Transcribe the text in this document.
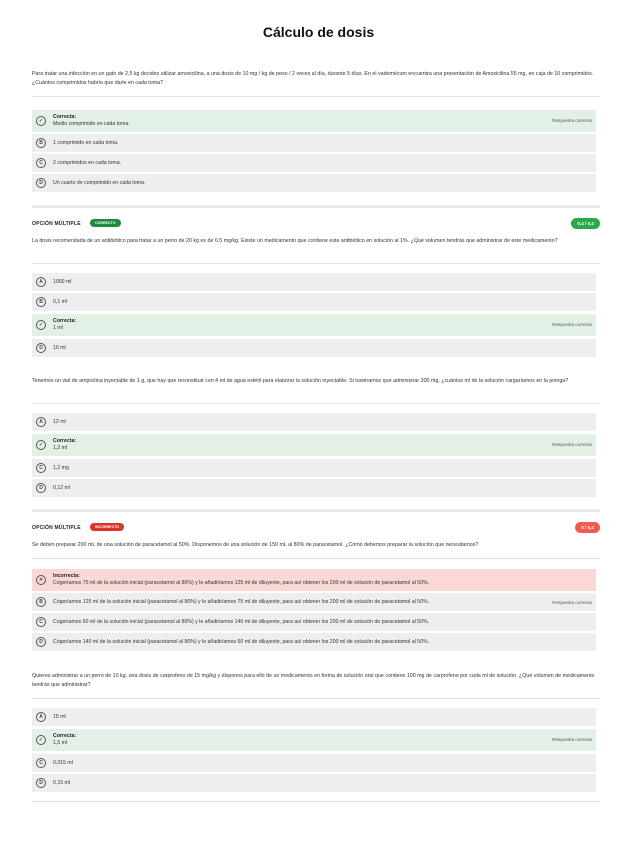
Cálculo de dosis

Para tratar una infección en un gato de 2,5 kg decides utilizar amoxicilina, a una dosis de 10 mg / kg de peso / 2 veces al día, durante 5 días. En el vademécum encuentra una presentación de Amoxicilina 55 mg, en caja de 10 comprimidos. ¿Cuántos comprimidos habría que darle en cada toma?

✓
Correcta:
Medio comprimido en cada toma.
Respuesta correcta
B	1 comprimido en cada toma.
C	2 comprimidos en cada toma.
D	Un cuarto de comprimido en cada toma.
OPCIÓN MÚLTIPLE	CORRECTO	0,4 / 0,4

La dosis recomendada de un antibiótico para tratar a un perro de 20 kg es de 0.5 mg/kg. Existe un medicamento que contiene este antibiótico en solución al 1%. ¿Qué volumen tendrás que administrar de este medicamento?

A	1000 ml
B	0,1 ml
✓
Correcta:
1 ml
Respuesta correcta
D	10 ml

Tenemos un vial de ampicilina inyectable de 1 g, que hay que reconstituir con 4 ml de agua estéril para elaborar la solución inyectable. Si tuviéramos que administrar 300 mg, ¿cuántos ml de la solución cargaríamos en la jeringa?

A	12 ml
✓
Correcta:
1,2 ml
Respuesta correcta
C	1,2 mg
D	0,12 ml
OPCIÓN MÚLTIPLE	INCORRECTO	0 / 0,4

Se deben preparar 200 mL de una solución de paracetamol al 50%. Disponemos de una solución de 150 mL al 80% de paracetamol. ¿Cómo debemos preparar la solución que necesitamos?

✕
Incorrecta:
Cogeríamos 75 ml de la solución inicial (paracetamol al 80%) y le añadiríamos 125 ml de diluyente, para así obtener los 200 ml de solución de paracetamol al 50%.
B	Cogeríamos 125 ml de la solución inicial (paracetamol al 80%) y le añadiríamos 75 ml de diluyente, para así obtener los 200 ml de solución de paracetamol al 50%.	Respuesta correcta
C	Cogeríamos 60 ml de la solución inicial (paracetamol al 80%) y le añadiríamos 140 ml de diluyente, para así obtener los 200 ml de solución de paracetamol al 50%.
D	Cogeríamos 140 ml de la solución inicial (paracetamol al 80%) y le añadiríamos 60 ml de diluyente, para así obtener los 200 ml de solución de paracetamol al 50%.

Quieres administrar a un perro de 10 kg, una dosis de carprofeno de 15 mg/kg y dispones para ello de un medicamento en forma de solución oral que contiene 100 mg de carprofeno por cada ml de solución. ¿Qué volumen de medicamento tendrás que administrar?

A	15 ml
✓
Correcta:
1,5 ml
Respuesta correcta
C	0,015 ml
D	0,15 ml
